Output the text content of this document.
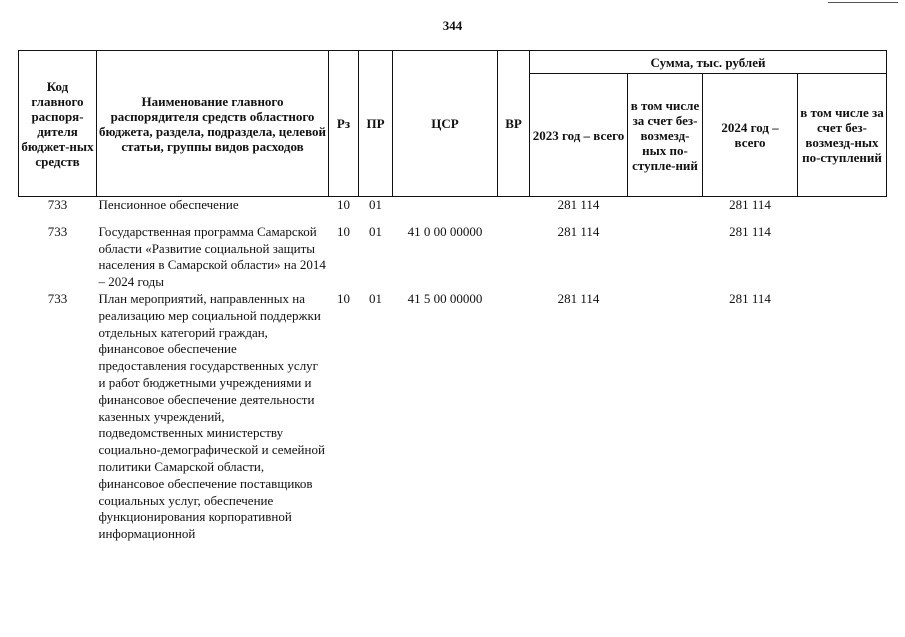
344
Код главного распоря-дителя бюджет-ных средств	Наименование главного распорядителя средств областного бюджета, раздела, подраздела, целевой статьи, группы видов расходов	Рз	ПР	ЦСР	ВР	Сумма, тыс. рублей			
						2023 год – всего	в том числе за счет без-возмезд-ных по-ступле-ний	2024 год – всего	в том числе за счет без-возмезд-ных по-ступлений
733	Пенсионное обеспечение	10	01			281 114		281 114	
733	Государственная программа Самарской области «Развитие социальной защиты населения в Самарской области» на 2014 – 2024 годы	10	01	41 0 00 00000		281 114		281 114	
733	План мероприятий, направленных на реализацию мер социальной поддержки отдельных категорий граждан, финансовое обеспечение предоставления государственных услуг и работ бюджетными учреждениями и финансовое обеспечение деятельности казенных учреждений, подведомственных министерству социально-демографической и семейной политики Самарской области, финансовое обеспечение поставщиков социальных услуг, обеспечение функционирования корпоративной информационной	10	01	41 5 00 00000		281 114		281 114	
